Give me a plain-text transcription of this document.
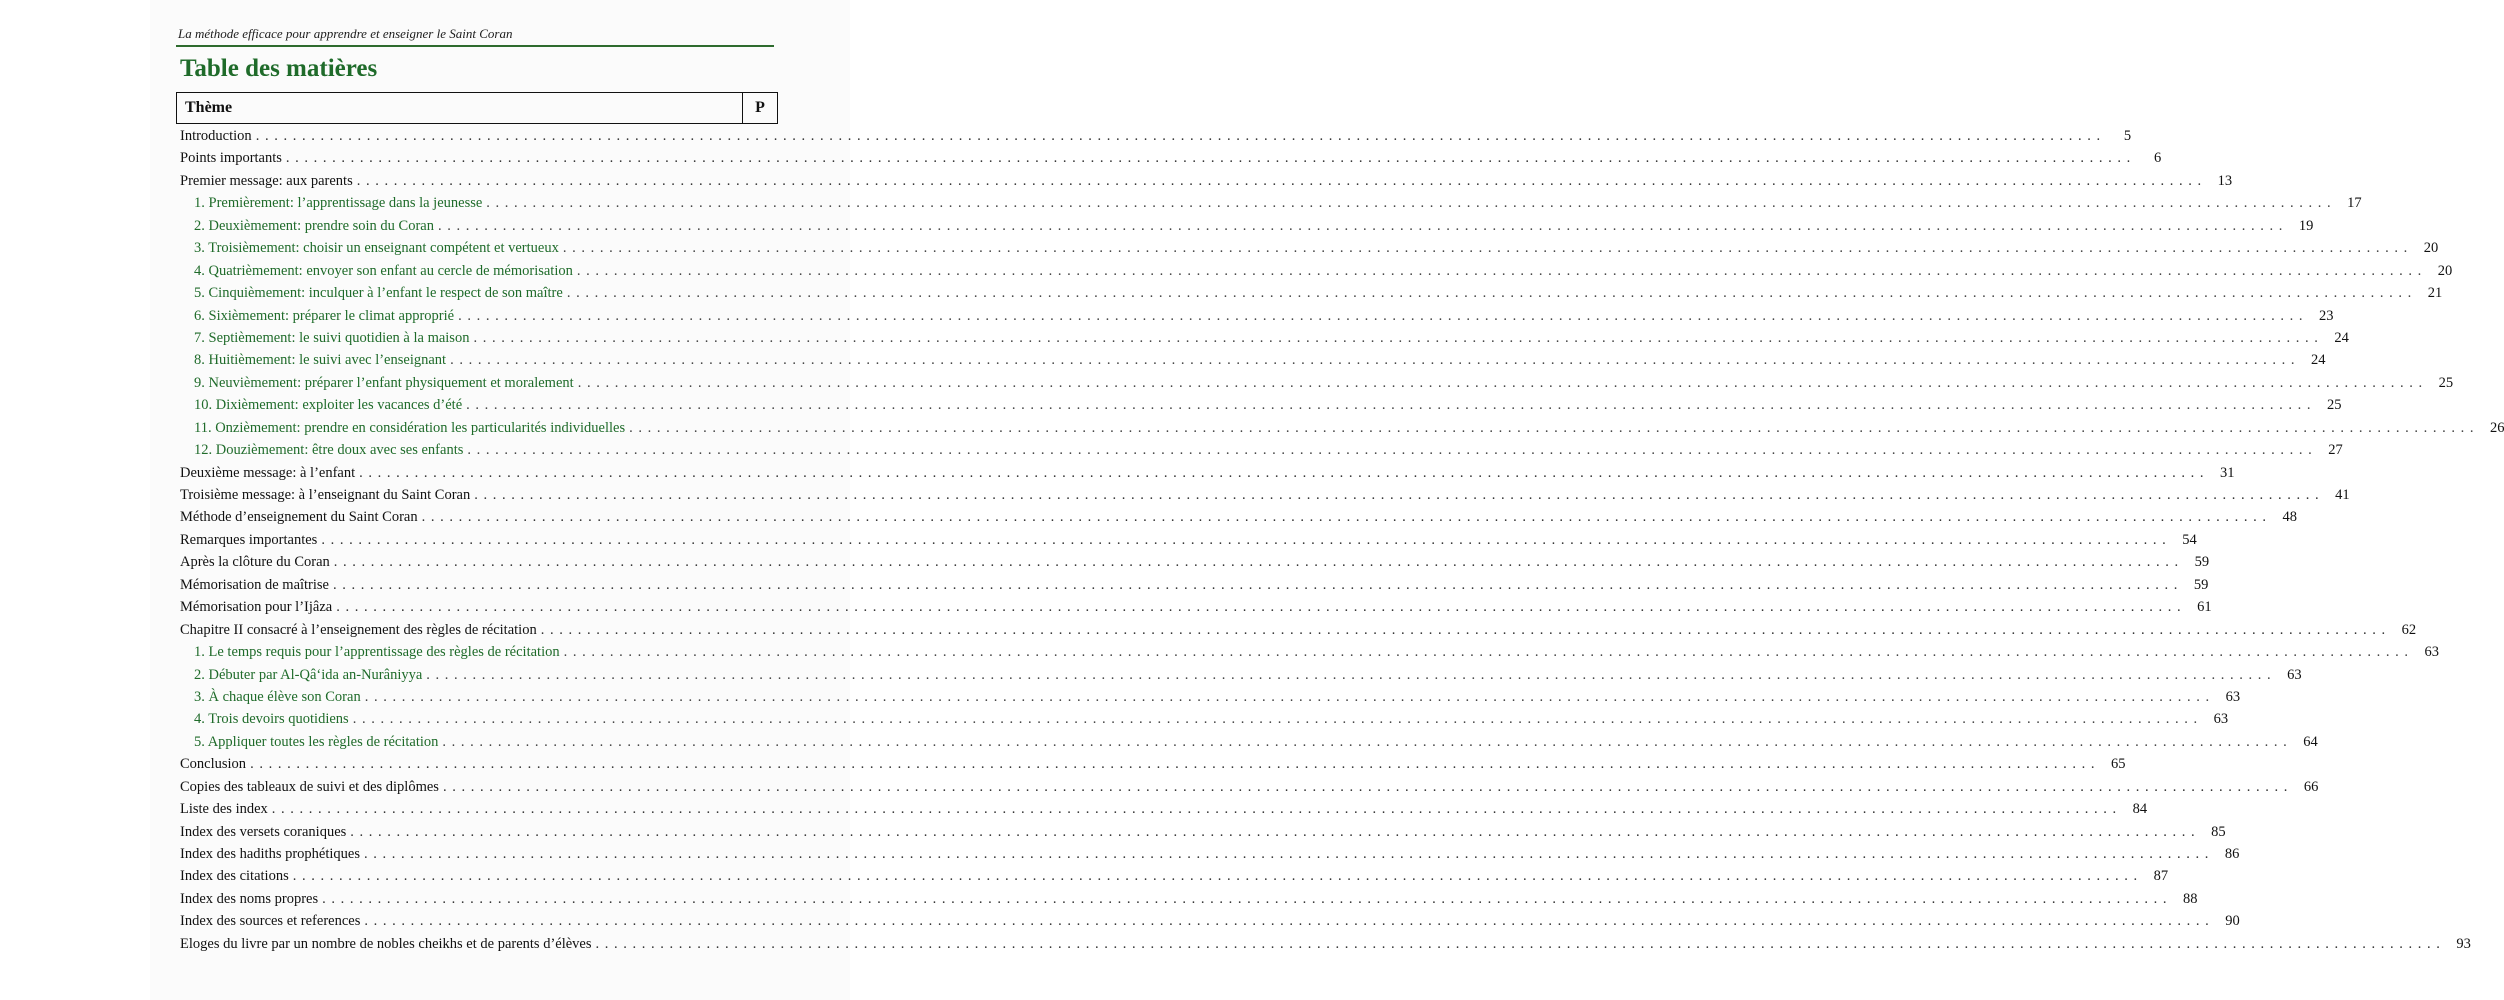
La méthode efficace pour apprendre et enseigner le Saint Coran
Table des matières
Thème	P
Introduction . . . . . . . . . . . . . . . . . . . . . . . . . . . . . . . . . . . . . . . . . . . . . . . . . . . . . . . . . . . . . . . . . . . . . . . . . . . . . . . . . . . . . . . . . . . . . . . . . . . . . . . . . . . . . . . . . . . . . . . . . . . . . . . . . . . . . . . . . . . . . . . . . . . . . . . . . . . . . . . . . . . . . . . . . . . . . . . . . . . . . . . . . . . . . . . . . . . . . . . .	5
Points importants . . . . . . . . . . . . . . . . . . . . . . . . . . . . . . . . . . . . . . . . . . . . . . . . . . . . . . . . . . . . . . . . . . . . . . . . . . . . . . . . . . . . . . . . . . . . . . . . . . . . . . . . . . . . . . . . . . . . . . . . . . . . . . . . . . . . . . . . . . . . . . . . . . . . . . . . . . . . . . . . . . . . . . . . . . . . . . . . . . . . . . . . . . . . . . . . . . . . . . . .	6
Premier message: aux parents . . . . . . . . . . . . . . . . . . . . . . . . . . . . . . . . . . . . . . . . . . . . . . . . . . . . . . . . . . . . . . . . . . . . . . . . . . . . . . . . . . . . . . . . . . . . . . . . . . . . . . . . . . . . . . . . . . . . . . . . . . . . . . . . . . . . . . . . . . . . . . . . . . . . . . . . . . . . . . . . . . . . . . . . . . . . . . . . . . . . . . . . . . . . . . . . . . . . . . . .	13
1. Premièrement: l’apprentissage dans la jeunesse . . . . . . . . . . . . . . . . . . . . . . . . . . . . . . . . . . . . . . . . . . . . . . . . . . . . . . . . . . . . . . . . . . . . . . . . . . . . . . . . . . . . . . . . . . . . . . . . . . . . . . . . . . . . . . . . . . . . . . . . . . . . . . . . . . . . . . . . . . . . . . . . . . . . . . . . . . . . . . . . . . . . . . . . . . . . . . . . . . . . . . . . . . . . . . . . . . . . . . . .	17
2. Deuxièmement: prendre soin du Coran . . . . . . . . . . . . . . . . . . . . . . . . . . . . . . . . . . . . . . . . . . . . . . . . . . . . . . . . . . . . . . . . . . . . . . . . . . . . . . . . . . . . . . . . . . . . . . . . . . . . . . . . . . . . . . . . . . . . . . . . . . . . . . . . . . . . . . . . . . . . . . . . . . . . . . . . . . . . . . . . . . . . . . . . . . . . . . . . . . . . . . . . . . . . . . . . . . . . . . . .	19
3. Troisièmement: choisir un enseignant compétent et vertueux . . . . . . . . . . . . . . . . . . . . . . . . . . . . . . . . . . . . . . . . . . . . . . . . . . . . . . . . . . . . . . . . . . . . . . . . . . . . . . . . . . . . . . . . . . . . . . . . . . . . . . . . . . . . . . . . . . . . . . . . . . . . . . . . . . . . . . . . . . . . . . . . . . . . . . . . . . . . . . . . . . . . . . . . . . . . . . . . . . . . . . . . . . . . . . . . . . . . . . . .	20
4. Quatrièmement: envoyer son enfant au cercle de mémorisation . . . . . . . . . . . . . . . . . . . . . . . . . . . . . . . . . . . . . . . . . . . . . . . . . . . . . . . . . . . . . . . . . . . . . . . . . . . . . . . . . . . . . . . . . . . . . . . . . . . . . . . . . . . . . . . . . . . . . . . . . . . . . . . . . . . . . . . . . . . . . . . . . . . . . . . . . . . . . . . . . . . . . . . . . . . . . . . . . . . . . . . . . . . . . . . . . . . . . . . .	20
5. Cinquièmement: inculquer à l’enfant le respect de son maître . . . . . . . . . . . . . . . . . . . . . . . . . . . . . . . . . . . . . . . . . . . . . . . . . . . . . . . . . . . . . . . . . . . . . . . . . . . . . . . . . . . . . . . . . . . . . . . . . . . . . . . . . . . . . . . . . . . . . . . . . . . . . . . . . . . . . . . . . . . . . . . . . . . . . . . . . . . . . . . . . . . . . . . . . . . . . . . . . . . . . . . . . . . . . . . . . . . . . . . .	21
6. Sixièmement: préparer le climat approprié . . . . . . . . . . . . . . . . . . . . . . . . . . . . . . . . . . . . . . . . . . . . . . . . . . . . . . . . . . . . . . . . . . . . . . . . . . . . . . . . . . . . . . . . . . . . . . . . . . . . . . . . . . . . . . . . . . . . . . . . . . . . . . . . . . . . . . . . . . . . . . . . . . . . . . . . . . . . . . . . . . . . . . . . . . . . . . . . . . . . . . . . . . . . . . . . . . . . . . . .	23
7. Septièmement: le suivi quotidien à la maison . . . . . . . . . . . . . . . . . . . . . . . . . . . . . . . . . . . . . . . . . . . . . . . . . . . . . . . . . . . . . . . . . . . . . . . . . . . . . . . . . . . . . . . . . . . . . . . . . . . . . . . . . . . . . . . . . . . . . . . . . . . . . . . . . . . . . . . . . . . . . . . . . . . . . . . . . . . . . . . . . . . . . . . . . . . . . . . . . . . . . . . . . . . . . . . . . . . . . . . .	24
8. Huitièmement: le suivi avec l’enseignant . . . . . . . . . . . . . . . . . . . . . . . . . . . . . . . . . . . . . . . . . . . . . . . . . . . . . . . . . . . . . . . . . . . . . . . . . . . . . . . . . . . . . . . . . . . . . . . . . . . . . . . . . . . . . . . . . . . . . . . . . . . . . . . . . . . . . . . . . . . . . . . . . . . . . . . . . . . . . . . . . . . . . . . . . . . . . . . . . . . . . . . . . . . . . . . . . . . . . . . .	24
9. Neuvièmement: préparer l’enfant physiquement et moralement . . . . . . . . . . . . . . . . . . . . . . . . . . . . . . . . . . . . . . . . . . . . . . . . . . . . . . . . . . . . . . . . . . . . . . . . . . . . . . . . . . . . . . . . . . . . . . . . . . . . . . . . . . . . . . . . . . . . . . . . . . . . . . . . . . . . . . . . . . . . . . . . . . . . . . . . . . . . . . . . . . . . . . . . . . . . . . . . . . . . . . . . . . . . . . . . . . . . . . . .	25
10. Dixièmement: exploiter les vacances d’été . . . . . . . . . . . . . . . . . . . . . . . . . . . . . . . . . . . . . . . . . . . . . . . . . . . . . . . . . . . . . . . . . . . . . . . . . . . . . . . . . . . . . . . . . . . . . . . . . . . . . . . . . . . . . . . . . . . . . . . . . . . . . . . . . . . . . . . . . . . . . . . . . . . . . . . . . . . . . . . . . . . . . . . . . . . . . . . . . . . . . . . . . . . . . . . . . . . . . . . .	25
11. Onzièmement: prendre en considération les particularités individuelles . . . . . . . . . . . . . . . . . . . . . . . . . . . . . . . . . . . . . . . . . . . . . . . . . . . . . . . . . . . . . . . . . . . . . . . . . . . . . . . . . . . . . . . . . . . . . . . . . . . . . . . . . . . . . . . . . . . . . . . . . . . . . . . . . . . . . . . . . . . . . . . . . . . . . . . . . . . . . . . . . . . . . . . . . . . . . . . . . . . . . . . . . . . . . . . . . . . . . . . .	26
12. Douzièmement: être doux avec ses enfants . . . . . . . . . . . . . . . . . . . . . . . . . . . . . . . . . . . . . . . . . . . . . . . . . . . . . . . . . . . . . . . . . . . . . . . . . . . . . . . . . . . . . . . . . . . . . . . . . . . . . . . . . . . . . . . . . . . . . . . . . . . . . . . . . . . . . . . . . . . . . . . . . . . . . . . . . . . . . . . . . . . . . . . . . . . . . . . . . . . . . . . . . . . . . . . . . . . . . . . .	27
Deuxième message: à l’enfant . . . . . . . . . . . . . . . . . . . . . . . . . . . . . . . . . . . . . . . . . . . . . . . . . . . . . . . . . . . . . . . . . . . . . . . . . . . . . . . . . . . . . . . . . . . . . . . . . . . . . . . . . . . . . . . . . . . . . . . . . . . . . . . . . . . . . . . . . . . . . . . . . . . . . . . . . . . . . . . . . . . . . . . . . . . . . . . . . . . . . . . . . . . . . . . . . . . . . . . .	31
Troisième message: à l’enseignant du Saint Coran . . . . . . . . . . . . . . . . . . . . . . . . . . . . . . . . . . . . . . . . . . . . . . . . . . . . . . . . . . . . . . . . . . . . . . . . . . . . . . . . . . . . . . . . . . . . . . . . . . . . . . . . . . . . . . . . . . . . . . . . . . . . . . . . . . . . . . . . . . . . . . . . . . . . . . . . . . . . . . . . . . . . . . . . . . . . . . . . . . . . . . . . . . . . . . . . . . . . . . . .	41
Méthode d’enseignement du Saint Coran . . . . . . . . . . . . . . . . . . . . . . . . . . . . . . . . . . . . . . . . . . . . . . . . . . . . . . . . . . . . . . . . . . . . . . . . . . . . . . . . . . . . . . . . . . . . . . . . . . . . . . . . . . . . . . . . . . . . . . . . . . . . . . . . . . . . . . . . . . . . . . . . . . . . . . . . . . . . . . . . . . . . . . . . . . . . . . . . . . . . . . . . . . . . . . . . . . . . . . . .	48
Remarques importantes . . . . . . . . . . . . . . . . . . . . . . . . . . . . . . . . . . . . . . . . . . . . . . . . . . . . . . . . . . . . . . . . . . . . . . . . . . . . . . . . . . . . . . . . . . . . . . . . . . . . . . . . . . . . . . . . . . . . . . . . . . . . . . . . . . . . . . . . . . . . . . . . . . . . . . . . . . . . . . . . . . . . . . . . . . . . . . . . . . . . . . . . . . . . . . . . . . . . . . . .	54
Après la clôture du Coran . . . . . . . . . . . . . . . . . . . . . . . . . . . . . . . . . . . . . . . . . . . . . . . . . . . . . . . . . . . . . . . . . . . . . . . . . . . . . . . . . . . . . . . . . . . . . . . . . . . . . . . . . . . . . . . . . . . . . . . . . . . . . . . . . . . . . . . . . . . . . . . . . . . . . . . . . . . . . . . . . . . . . . . . . . . . . . . . . . . . . . . . . . . . . . . . . . . . . . . .	59
Mémorisation de maîtrise . . . . . . . . . . . . . . . . . . . . . . . . . . . . . . . . . . . . . . . . . . . . . . . . . . . . . . . . . . . . . . . . . . . . . . . . . . . . . . . . . . . . . . . . . . . . . . . . . . . . . . . . . . . . . . . . . . . . . . . . . . . . . . . . . . . . . . . . . . . . . . . . . . . . . . . . . . . . . . . . . . . . . . . . . . . . . . . . . . . . . . . . . . . . . . . . . . . . . . . .	59
Mémorisation pour l’Ijâza . . . . . . . . . . . . . . . . . . . . . . . . . . . . . . . . . . . . . . . . . . . . . . . . . . . . . . . . . . . . . . . . . . . . . . . . . . . . . . . . . . . . . . . . . . . . . . . . . . . . . . . . . . . . . . . . . . . . . . . . . . . . . . . . . . . . . . . . . . . . . . . . . . . . . . . . . . . . . . . . . . . . . . . . . . . . . . . . . . . . . . . . . . . . . . . . . . . . . . . .	61
Chapitre II consacré à l’enseignement des règles de récitation . . . . . . . . . . . . . . . . . . . . . . . . . . . . . . . . . . . . . . . . . . . . . . . . . . . . . . . . . . . . . . . . . . . . . . . . . . . . . . . . . . . . . . . . . . . . . . . . . . . . . . . . . . . . . . . . . . . . . . . . . . . . . . . . . . . . . . . . . . . . . . . . . . . . . . . . . . . . . . . . . . . . . . . . . . . . . . . . . . . . . . . . . . . . . . . . . . . . . . . .	62
1. Le temps requis pour l’apprentissage des règles de récitation . . . . . . . . . . . . . . . . . . . . . . . . . . . . . . . . . . . . . . . . . . . . . . . . . . . . . . . . . . . . . . . . . . . . . . . . . . . . . . . . . . . . . . . . . . . . . . . . . . . . . . . . . . . . . . . . . . . . . . . . . . . . . . . . . . . . . . . . . . . . . . . . . . . . . . . . . . . . . . . . . . . . . . . . . . . . . . . . . . . . . . . . . . . . . . . . . . . . . . . .	63
2. Débuter par Al-Qâ‘ida an-Nurâniyya . . . . . . . . . . . . . . . . . . . . . . . . . . . . . . . . . . . . . . . . . . . . . . . . . . . . . . . . . . . . . . . . . . . . . . . . . . . . . . . . . . . . . . . . . . . . . . . . . . . . . . . . . . . . . . . . . . . . . . . . . . . . . . . . . . . . . . . . . . . . . . . . . . . . . . . . . . . . . . . . . . . . . . . . . . . . . . . . . . . . . . . . . . . . . . . . . . . . . . . .	63
3. À chaque élève son Coran . . . . . . . . . . . . . . . . . . . . . . . . . . . . . . . . . . . . . . . . . . . . . . . . . . . . . . . . . . . . . . . . . . . . . . . . . . . . . . . . . . . . . . . . . . . . . . . . . . . . . . . . . . . . . . . . . . . . . . . . . . . . . . . . . . . . . . . . . . . . . . . . . . . . . . . . . . . . . . . . . . . . . . . . . . . . . . . . . . . . . . . . . . . . . . . . . . . . . . . .	63
4. Trois devoirs quotidiens . . . . . . . . . . . . . . . . . . . . . . . . . . . . . . . . . . . . . . . . . . . . . . . . . . . . . . . . . . . . . . . . . . . . . . . . . . . . . . . . . . . . . . . . . . . . . . . . . . . . . . . . . . . . . . . . . . . . . . . . . . . . . . . . . . . . . . . . . . . . . . . . . . . . . . . . . . . . . . . . . . . . . . . . . . . . . . . . . . . . . . . . . . . . . . . . . . . . . . . .	63
5. Appliquer toutes les règles de récitation . . . . . . . . . . . . . . . . . . . . . . . . . . . . . . . . . . . . . . . . . . . . . . . . . . . . . . . . . . . . . . . . . . . . . . . . . . . . . . . . . . . . . . . . . . . . . . . . . . . . . . . . . . . . . . . . . . . . . . . . . . . . . . . . . . . . . . . . . . . . . . . . . . . . . . . . . . . . . . . . . . . . . . . . . . . . . . . . . . . . . . . . . . . . . . . . . . . . . . . .	64
Conclusion . . . . . . . . . . . . . . . . . . . . . . . . . . . . . . . . . . . . . . . . . . . . . . . . . . . . . . . . . . . . . . . . . . . . . . . . . . . . . . . . . . . . . . . . . . . . . . . . . . . . . . . . . . . . . . . . . . . . . . . . . . . . . . . . . . . . . . . . . . . . . . . . . . . . . . . . . . . . . . . . . . . . . . . . . . . . . . . . . . . . . . . . . . . . . . . . . . . . . . . .	65
Copies des tableaux de suivi et des diplômes . . . . . . . . . . . . . . . . . . . . . . . . . . . . . . . . . . . . . . . . . . . . . . . . . . . . . . . . . . . . . . . . . . . . . . . . . . . . . . . . . . . . . . . . . . . . . . . . . . . . . . . . . . . . . . . . . . . . . . . . . . . . . . . . . . . . . . . . . . . . . . . . . . . . . . . . . . . . . . . . . . . . . . . . . . . . . . . . . . . . . . . . . . . . . . . . . . . . . . . .	66
Liste des index . . . . . . . . . . . . . . . . . . . . . . . . . . . . . . . . . . . . . . . . . . . . . . . . . . . . . . . . . . . . . . . . . . . . . . . . . . . . . . . . . . . . . . . . . . . . . . . . . . . . . . . . . . . . . . . . . . . . . . . . . . . . . . . . . . . . . . . . . . . . . . . . . . . . . . . . . . . . . . . . . . . . . . . . . . . . . . . . . . . . . . . . . . . . . . . . . . . . . . . .	84
Index des versets coraniques . . . . . . . . . . . . . . . . . . . . . . . . . . . . . . . . . . . . . . . . . . . . . . . . . . . . . . . . . . . . . . . . . . . . . . . . . . . . . . . . . . . . . . . . . . . . . . . . . . . . . . . . . . . . . . . . . . . . . . . . . . . . . . . . . . . . . . . . . . . . . . . . . . . . . . . . . . . . . . . . . . . . . . . . . . . . . . . . . . . . . . . . . . . . . . . . . . . . . . . .	85
Index des hadiths prophétiques . . . . . . . . . . . . . . . . . . . . . . . . . . . . . . . . . . . . . . . . . . . . . . . . . . . . . . . . . . . . . . . . . . . . . . . . . . . . . . . . . . . . . . . . . . . . . . . . . . . . . . . . . . . . . . . . . . . . . . . . . . . . . . . . . . . . . . . . . . . . . . . . . . . . . . . . . . . . . . . . . . . . . . . . . . . . . . . . . . . . . . . . . . . . . . . . . . . . . . . .	86
Index des citations . . . . . . . . . . . . . . . . . . . . . . . . . . . . . . . . . . . . . . . . . . . . . . . . . . . . . . . . . . . . . . . . . . . . . . . . . . . . . . . . . . . . . . . . . . . . . . . . . . . . . . . . . . . . . . . . . . . . . . . . . . . . . . . . . . . . . . . . . . . . . . . . . . . . . . . . . . . . . . . . . . . . . . . . . . . . . . . . . . . . . . . . . . . . . . . . . . . . . . . .	87
Index des noms propres . . . . . . . . . . . . . . . . . . . . . . . . . . . . . . . . . . . . . . . . . . . . . . . . . . . . . . . . . . . . . . . . . . . . . . . . . . . . . . . . . . . . . . . . . . . . . . . . . . . . . . . . . . . . . . . . . . . . . . . . . . . . . . . . . . . . . . . . . . . . . . . . . . . . . . . . . . . . . . . . . . . . . . . . . . . . . . . . . . . . . . . . . . . . . . . . . . . . . . . .	88
Index des sources et references . . . . . . . . . . . . . . . . . . . . . . . . . . . . . . . . . . . . . . . . . . . . . . . . . . . . . . . . . . . . . . . . . . . . . . . . . . . . . . . . . . . . . . . . . . . . . . . . . . . . . . . . . . . . . . . . . . . . . . . . . . . . . . . . . . . . . . . . . . . . . . . . . . . . . . . . . . . . . . . . . . . . . . . . . . . . . . . . . . . . . . . . . . . . . . . . . . . . . . . .	90
Eloges du livre par un nombre de nobles cheikhs et de parents d’élèves . . . . . . . . . . . . . . . . . . . . . . . . . . . . . . . . . . . . . . . . . . . . . . . . . . . . . . . . . . . . . . . . . . . . . . . . . . . . . . . . . . . . . . . . . . . . . . . . . . . . . . . . . . . . . . . . . . . . . . . . . . . . . . . . . . . . . . . . . . . . . . . . . . . . . . . . . . . . . . . . . . . . . . . . . . . . . . . . . . . . . . . . . . . . . . . . . . . . . . . .	93
